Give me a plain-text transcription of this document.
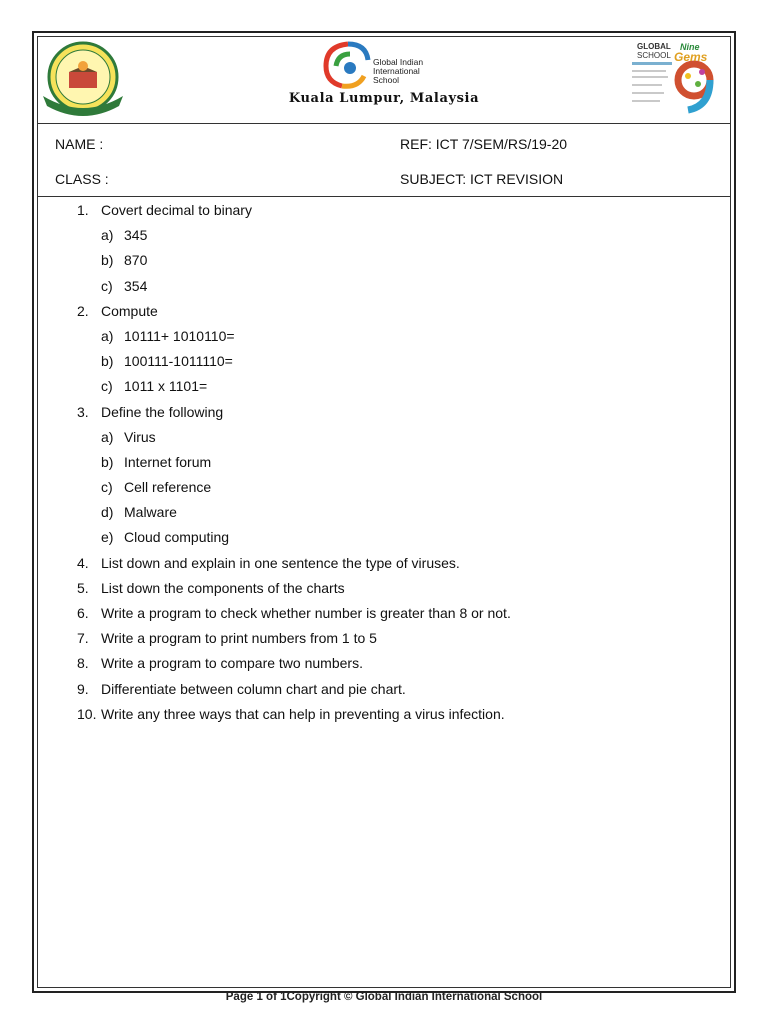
Global Indian
International
School
Kuala Lumpur, Malaysia
GLOBAL
SCHOOL
Nine
Gems
NAME :	REF: ICT 7/SEM/RS/19-20
CLASS :	SUBJECT: ICT REVISION
1. Covert decimal to binary
a) 345
b) 870
c) 354
2. Compute
a) 10111+ 1010110=
b) 100111-1011110=
c) 1011 x 1101=
3. Define the following
a) Virus
b) Internet forum
c) Cell reference
d) Malware
e) Cloud computing
4. List down and explain in one sentence the type of viruses.
5. List down the components of the charts
6. Write a program to check whether number is greater than 8 or not.
7. Write a program to print numbers from 1 to 5
8. Write a program to compare two numbers.
9. Differentiate between column chart and pie chart.
10. Write any three ways that can help in preventing a virus infection.
Page 1 of 1Copyright © Global Indian International School
